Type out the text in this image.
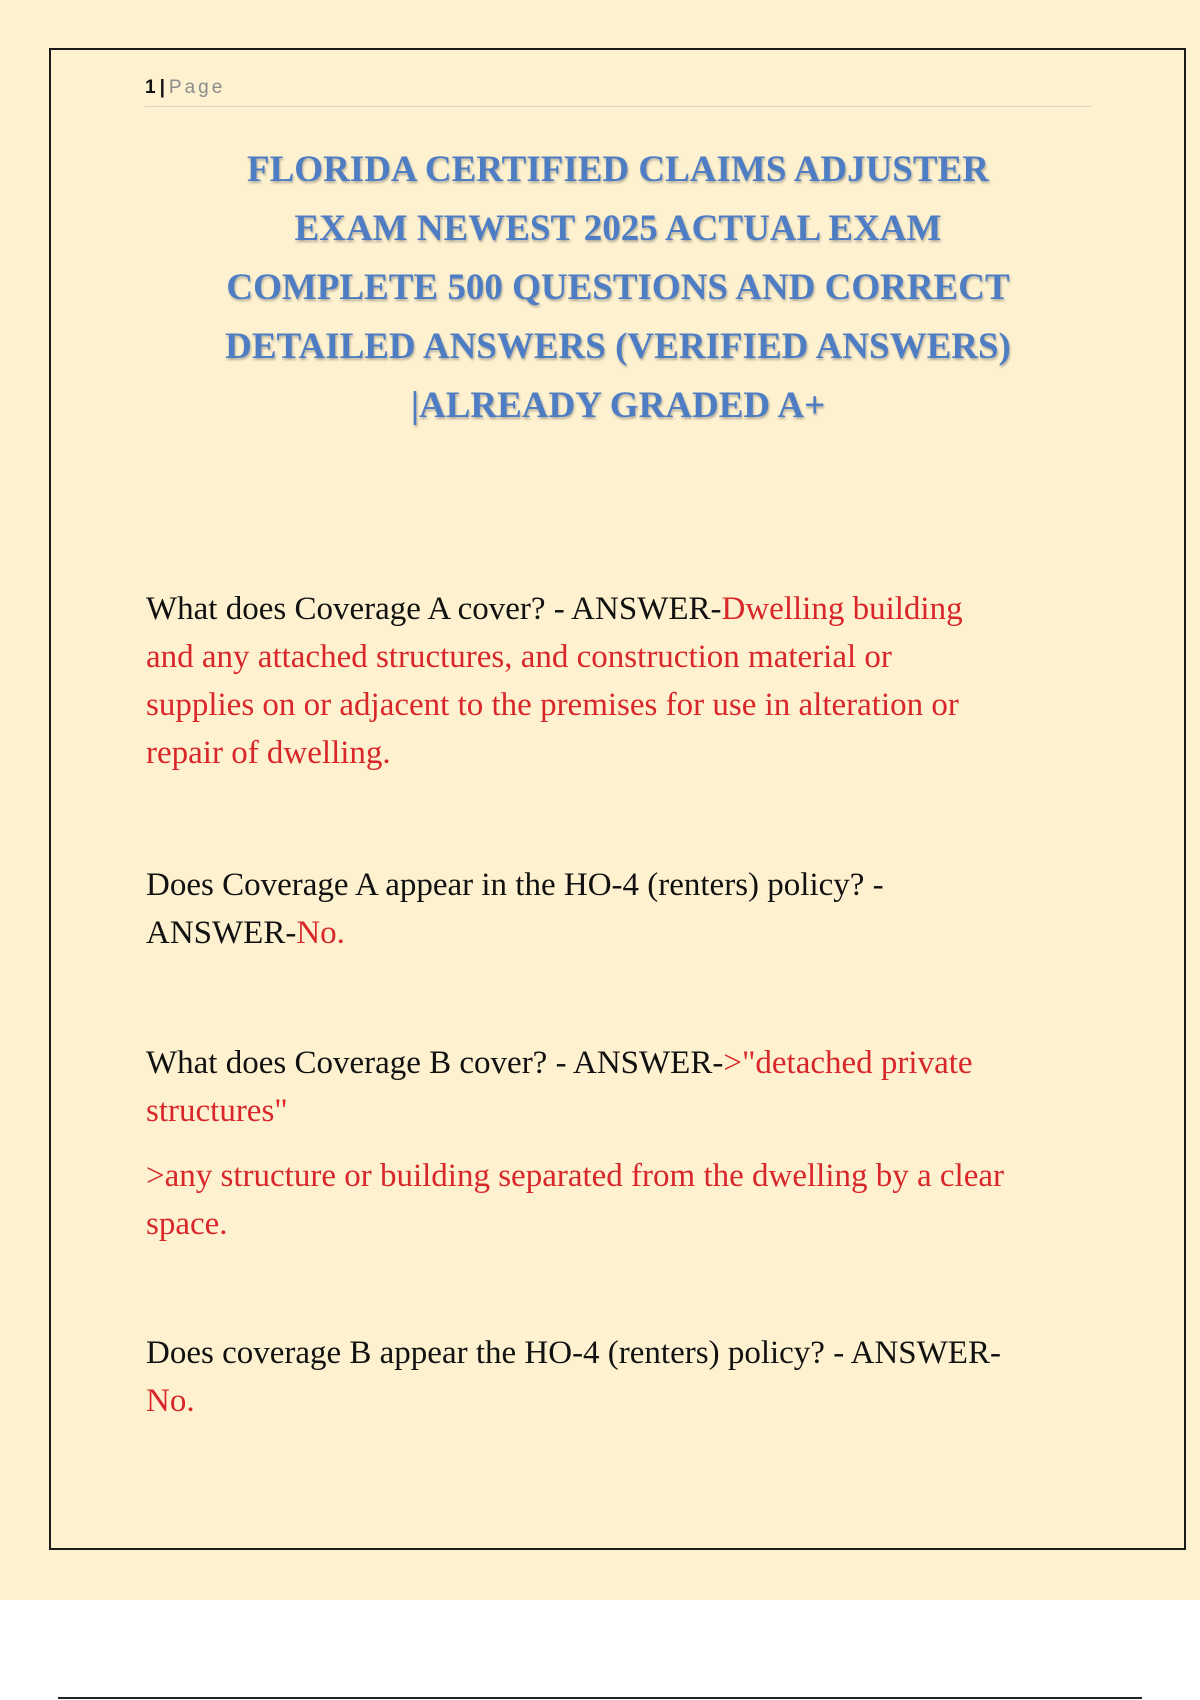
1 | Page
FLORIDA CERTIFIED CLAIMS ADJUSTER
EXAM NEWEST 2025 ACTUAL EXAM
COMPLETE 500 QUESTIONS AND CORRECT
DETAILED ANSWERS (VERIFIED ANSWERS)
|ALREADY GRADED A+

What does Coverage A cover? - ANSWER-Dwelling building
and any attached structures, and construction material or
supplies on or adjacent to the premises for use in alteration or
repair of dwelling.

Does Coverage A appear in the HO-4 (renters) policy? -
ANSWER-No.

What does Coverage B cover? - ANSWER->"detached private
structures"

>any structure or building separated from the dwelling by a clear
space.

Does coverage B appear the HO-4 (renters) policy? - ANSWER-
No.
